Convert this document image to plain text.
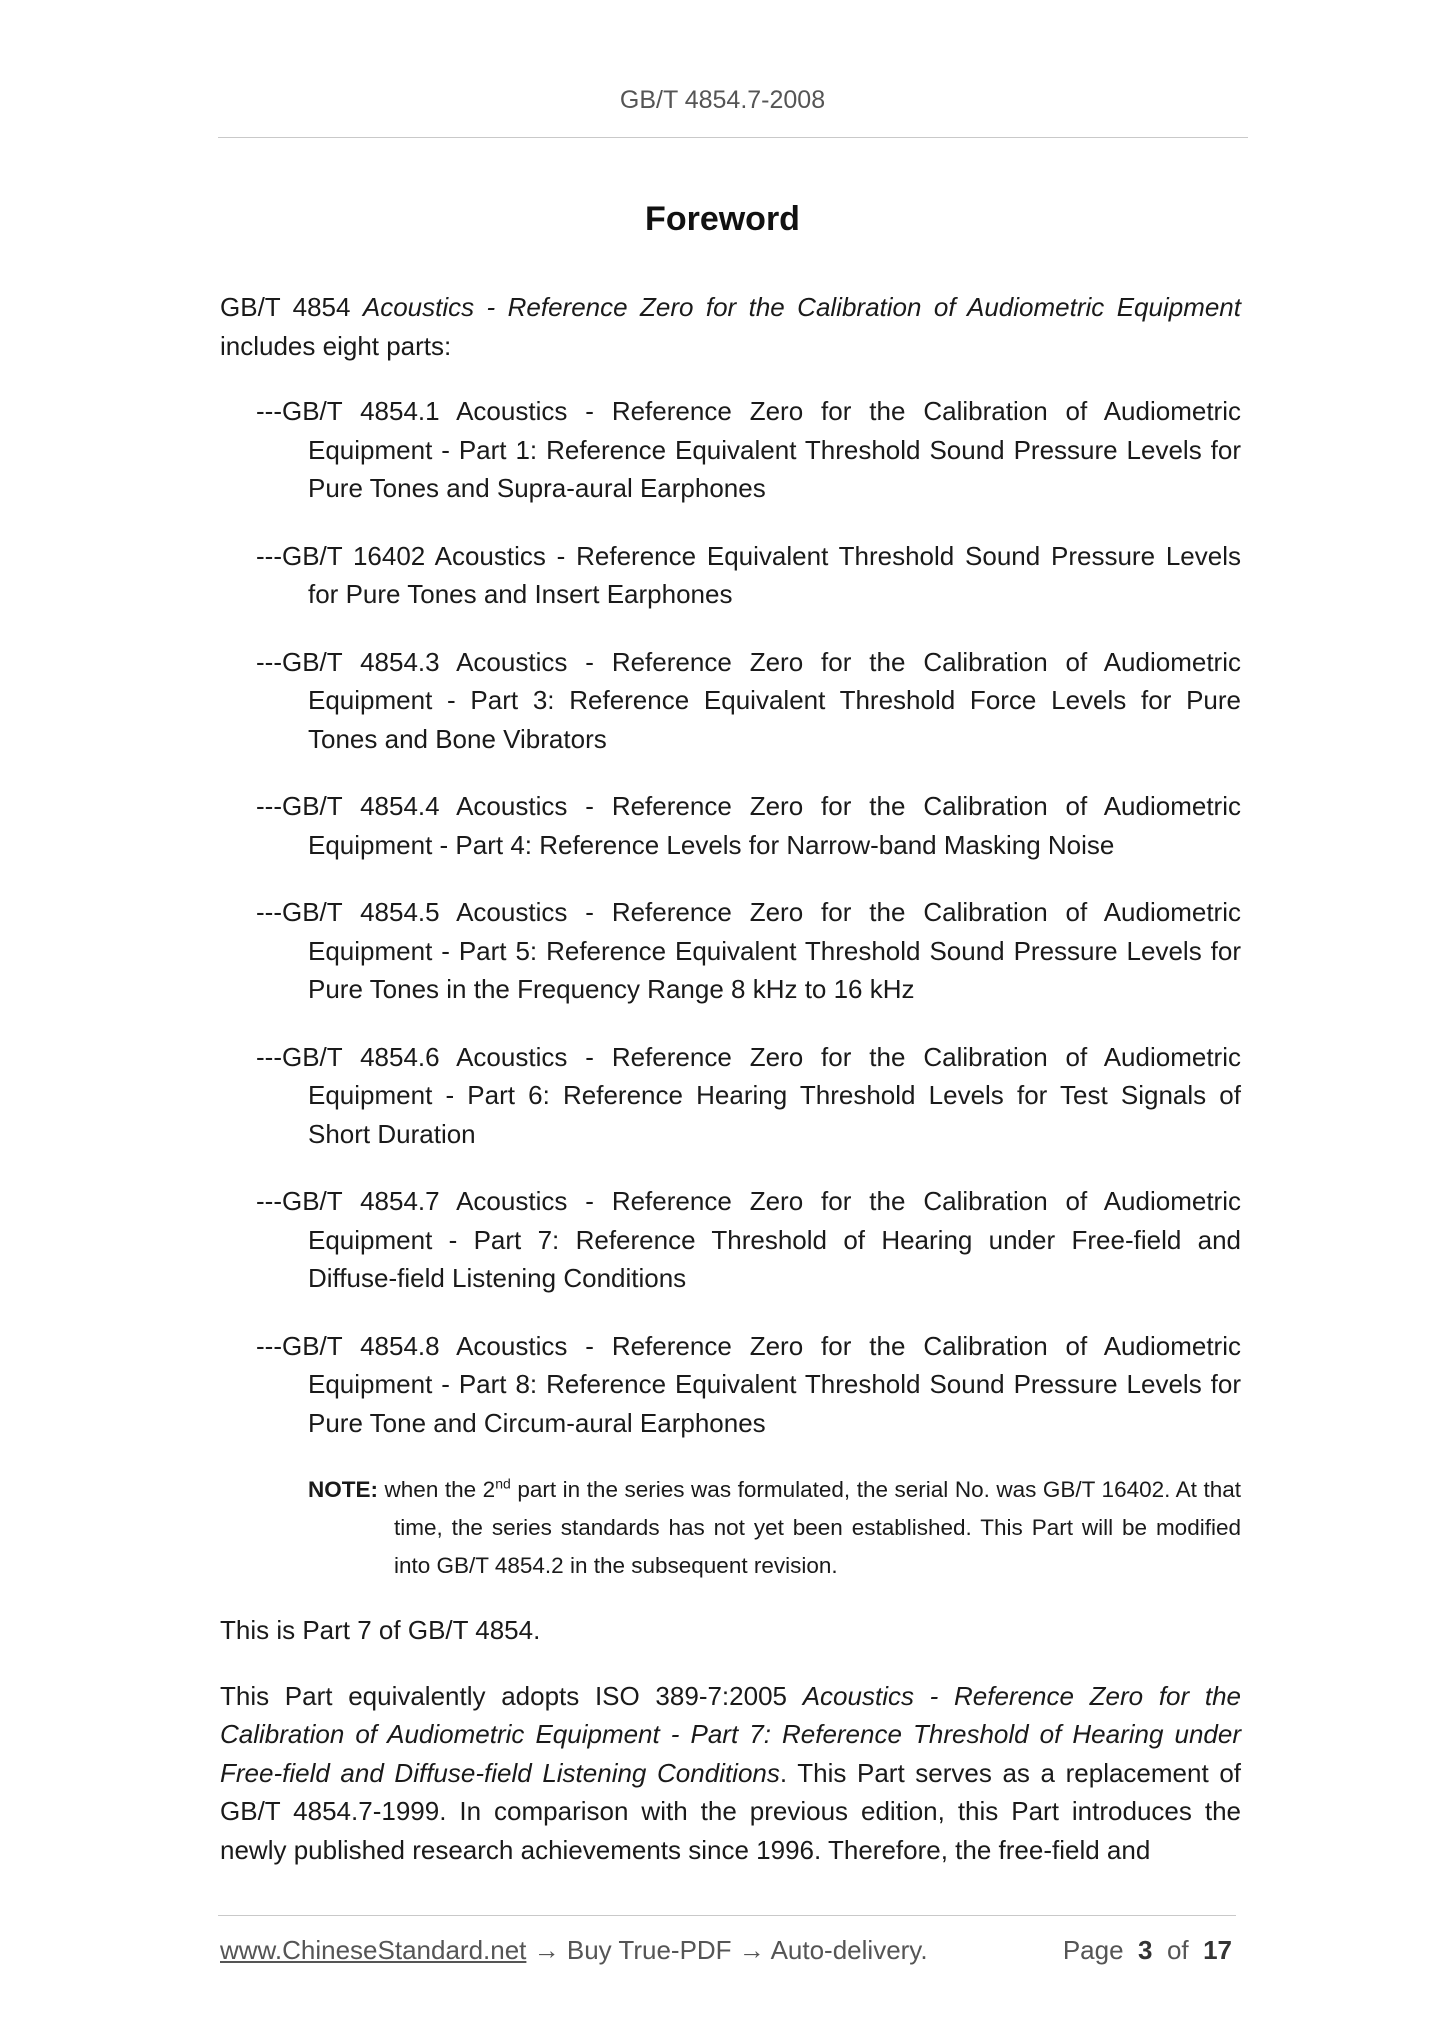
GB/T 4854.7-2008
Foreword

GB/T 4854 Acoustics - Reference Zero for the Calibration of Audiometric Equipment includes eight parts:

---GB/T 4854.1 Acoustics - Reference Zero for the Calibration of Audiometric Equipment - Part 1: Reference Equivalent Threshold Sound Pressure Levels for Pure Tones and Supra-aural Earphones

---GB/T 16402 Acoustics - Reference Equivalent Threshold Sound Pressure Levels for Pure Tones and Insert Earphones

---GB/T 4854.3 Acoustics - Reference Zero for the Calibration of Audiometric Equipment - Part 3: Reference Equivalent Threshold Force Levels for Pure Tones and Bone Vibrators

---GB/T 4854.4 Acoustics - Reference Zero for the Calibration of Audiometric Equipment - Part 4: Reference Levels for Narrow-band Masking Noise

---GB/T 4854.5 Acoustics - Reference Zero for the Calibration of Audiometric Equipment - Part 5: Reference Equivalent Threshold Sound Pressure Levels for Pure Tones in the Frequency Range 8 kHz to 16 kHz

---GB/T 4854.6 Acoustics - Reference Zero for the Calibration of Audiometric Equipment - Part 6: Reference Hearing Threshold Levels for Test Signals of Short Duration

---GB/T 4854.7 Acoustics - Reference Zero for the Calibration of Audiometric Equipment - Part 7: Reference Threshold of Hearing under Free-field and Diffuse-field Listening Conditions

---GB/T 4854.8 Acoustics - Reference Zero for the Calibration of Audiometric Equipment - Part 8: Reference Equivalent Threshold Sound Pressure Levels for Pure Tone and Circum-aural Earphones

NOTE: when the 2nd part in the series was formulated, the serial No. was GB/T 16402. At that time, the series standards has not yet been established. This Part will be modified into GB/T 4854.2 in the subsequent revision.

This is Part 7 of GB/T 4854.

This Part equivalently adopts ISO 389-7:2005 Acoustics - Reference Zero for the Calibration of Audiometric Equipment - Part 7: Reference Threshold of Hearing under Free-field and Diffuse-field Listening Conditions. This Part serves as a replacement of GB/T 4854.7-1999. In comparison with the previous edition, this Part introduces the newly published research achievements since 1996. Therefore, the free-field and

www.ChineseStandard.net → Buy True-PDF → Auto-delivery.	Page 3 of 17
